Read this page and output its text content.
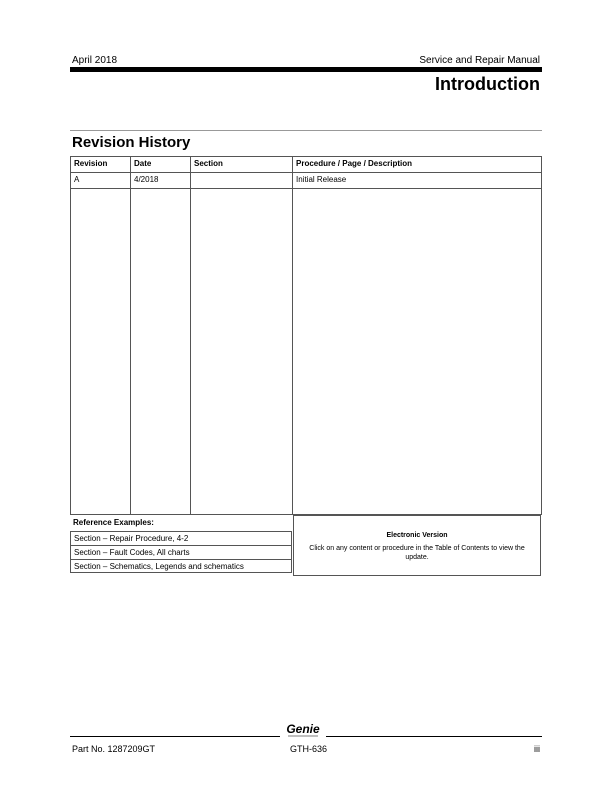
April 2018	Service and Repair Manual
Introduction
Revision History
Revision	Date	Section	Procedure / Page / Description
A	4/2018		Initial Release

Reference Examples:
Section – Repair Procedure, 4-2
Section – Fault Codes, All charts
Section – Schematics, Legends and schematics
Electronic Version
Click on any content or procedure in the Table of Contents to view the update.
Genie
Part No. 1287209GT	GTH-636	iii
